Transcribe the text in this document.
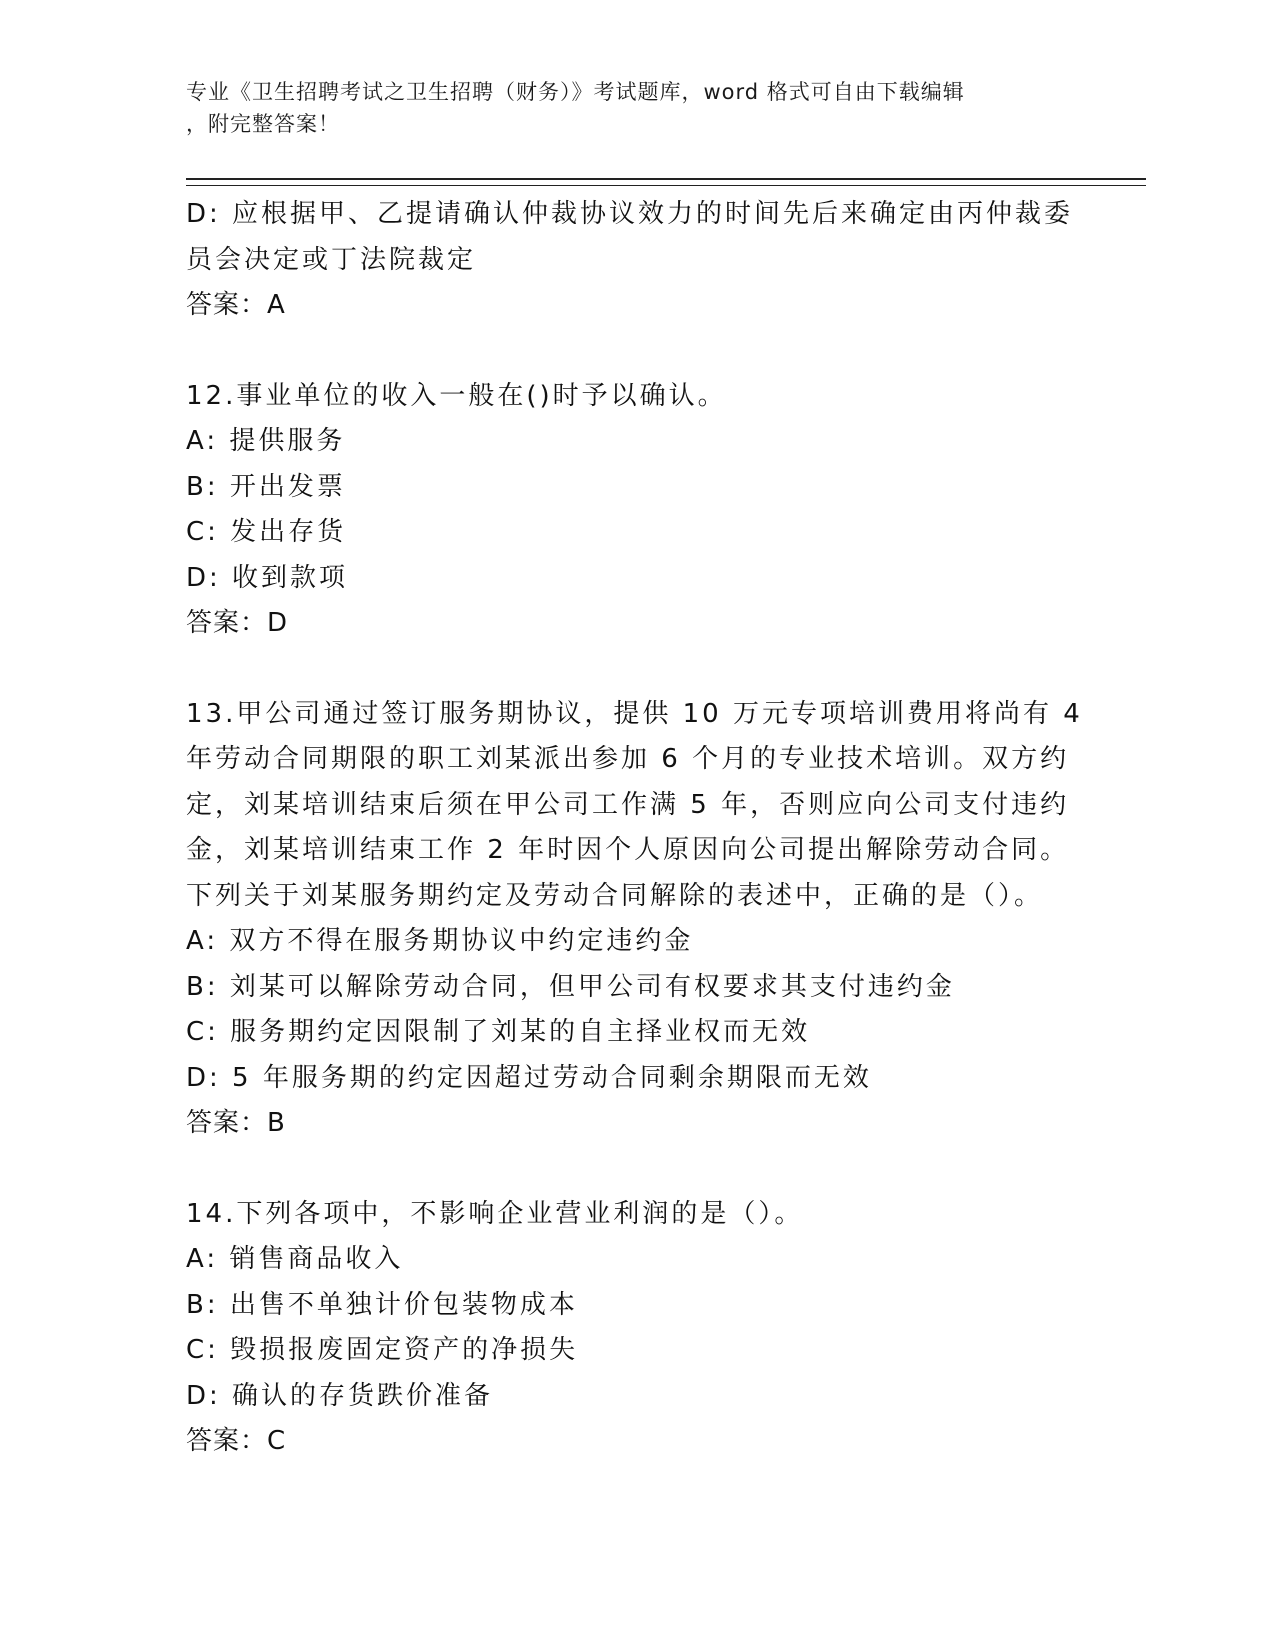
专业《卫生招聘考试之卫生招聘（财务）》考试题库，word 格式可自由下载编辑
，附完整答案！
D: 应根据甲、乙提请确认仲裁协议效力的时间先后来确定由丙仲裁委
员会决定或丁法院裁定
答案：A
12.事业单位的收入一般在()时予以确认。
A: 提供服务
B: 开出发票
C: 发出存货
D: 收到款项
答案：D
13.甲公司通过签订服务期协议，提供 10 万元专项培训费用将尚有 4
年劳动合同期限的职工刘某派出参加 6 个月的专业技术培训。双方约
定，刘某培训结束后须在甲公司工作满 5 年，否则应向公司支付违约
金，刘某培训结束工作 2 年时因个人原因向公司提出解除劳动合同。
下列关于刘某服务期约定及劳动合同解除的表述中，正确的是（）。
A: 双方不得在服务期协议中约定违约金
B: 刘某可以解除劳动合同，但甲公司有权要求其支付违约金
C: 服务期约定因限制了刘某的自主择业权而无效
D: 5 年服务期的约定因超过劳动合同剩余期限而无效
答案：B
14.下列各项中，不影响企业营业利润的是（）。
A: 销售商品收入
B: 出售不单独计价包装物成本
C: 毁损报废固定资产的净损失
D: 确认的存货跌价准备
答案：C
